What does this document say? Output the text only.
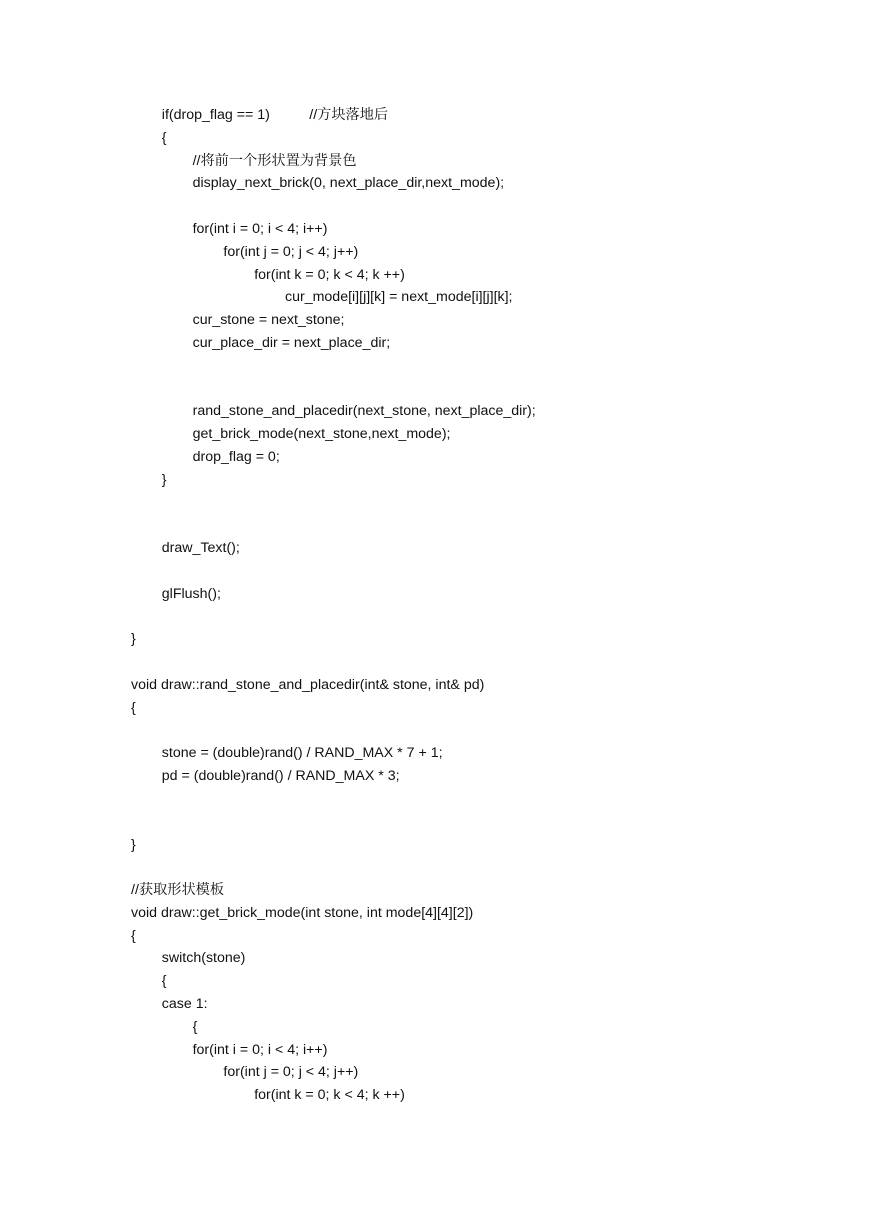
if(drop_flag == 1)          //方块落地后
{
//将前一个形状置为背景色
display_next_brick(0, next_place_dir,next_mode);
for(int i = 0; i < 4; i++)
for(int j = 0; j < 4; j++)
for(int k = 0; k < 4; k ++)
cur_mode[i][j][k] = next_mode[i][j][k];
cur_stone = next_stone;
cur_place_dir = next_place_dir;
rand_stone_and_placedir(next_stone, next_place_dir);
get_brick_mode(next_stone,next_mode);
drop_flag = 0;
}
draw_Text();
glFlush();
}
void draw::rand_stone_and_placedir(int& stone, int& pd)
{
stone = (double)rand() / RAND_MAX * 7 + 1;
pd = (double)rand() / RAND_MAX * 3;
}
//获取形状模板
void draw::get_brick_mode(int stone, int mode[4][4][2])
{
switch(stone)
{
case 1:
{
for(int i = 0; i < 4; i++)
for(int j = 0; j < 4; j++)
for(int k = 0; k < 4; k ++)
